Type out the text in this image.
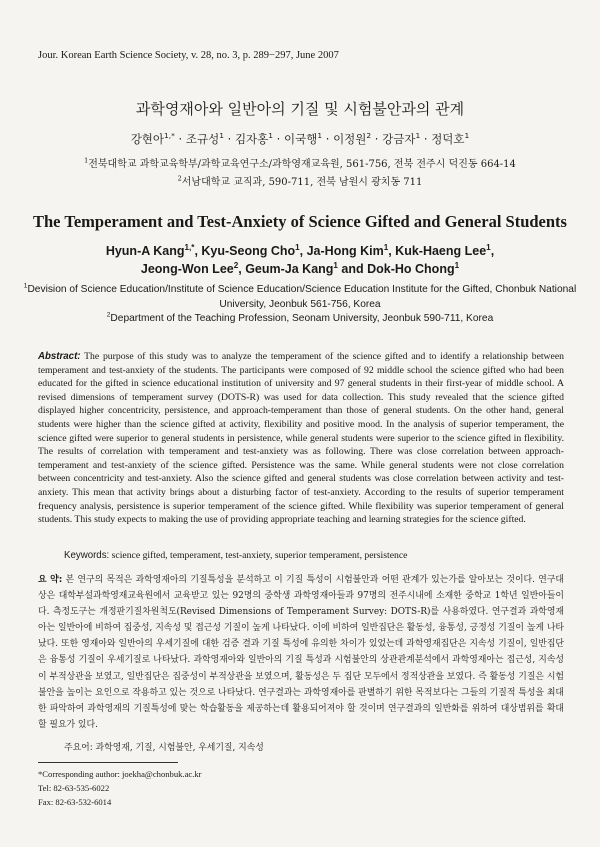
Jour. Korean Earth Science Society, v. 28, no. 3, p. 289−297, June 2007
과학영재아와 일반아의 기질 및 시험불안과의 관계
강현아$^{1,*}$ · 조규성$^1$ · 김자홍$^1$ · 이국행$^1$ · 이정원$^2$ · 강금자$^1$ · 정덕호$^1$
$^1$전북대학교 과학교육학부/과학교육연구소/과학영재교육원, 561-756, 전북 전주시 덕진동 664-14
$^2$서남대학교 교직과, 590-711, 전북 남원시 광치동 711
The Temperament and Test-Anxiety of Science Gifted and General Students
Hyun-A Kang$^{1,*}$, Kyu-Seong Cho$^1$, Ja-Hong Kim$^1$, Kuk-Haeng Lee$^1$,
Jeong-Won Lee$^2$, Geum-Ja Kang$^1$ and Dok-Ho Chong$^1$
$^1$Devision of Science Education/Institute of Science Education/Science Education Institute for the Gifted, Chonbuk National University, Jeonbuk 561-756, Korea
$^2$Department of the Teaching Profession, Seonam University, Jeonbuk 590-711, Korea
Abstract: The purpose of this study was to analyze the temperament of the science gifted and to identify a relationship between temperament and test-anxiety of the students. The participants were composed of 92 middle school the science gifted who had been educated for the gifted in science educational institution of university and 97 general students in their first-year of middle school. A revised dimensions of temperament survey (DOTS-R) was used for data collection. This study revealed that the science gifted displayed higher concentricity, persistence, and approach-temperament than those of general students. On the other hand, general students were higher than the science gifted at activity, flexibility and positive mood. In the analysis of superior temperament, the science gifted were superior to general students in persistence, while general students were superior to the science gifted in flexibility. The results of correlation with temperament and test-anxiety was as following. There was close correlation between approach-temperament and test-anxiety of the science gifted. Persistence was the same. While general students were not close correlation between concentricity and test-anxiety. Also the science gifted and general students was close correlation between activity and test-anxiety. This mean that activity brings about a disturbing factor of test-anxiety. According to the results of superior temperament frequency analysis, persistence is superior temperament of the science gifted. While flexibility was superior temperament of general students. This study expects to making the use of providing appropriate teaching and learning strategies for the science gifted.
Keywords: science gifted, temperament, test-anxiety, superior temperament, persistence
요 약: 본 연구의 목적은 과학영재아의 기질특성을 분석하고 이 기질 특성이 시험불안과 어떤 관계가 있는가를 알아보는 것이다. 연구대상은 대학부설과학영재교육원에서 교육받고 있는 92명의 중학생 과학영재아들과 97명의 전주시내에 소재한 중학교 1학년 일반아들이다. 측정도구는 개정판기질차원척도(Revised Dimensions of Temperament Survey: DOTS-R)를 사용하였다. 연구결과 과학영재아는 일반아에 비하여 집중성, 지속성 및 접근성 기질이 높게 나타났다. 이에 비하여 일반집단은 활동성, 융통성, 긍정성 기질이 높게 나타났다. 또한 영재아와 일반아의 우세기질에 대한 검증 결과 기질 특성에 유의한 차이가 있었는데 과학영재집단은 지속성 기질이, 일반집단은 융통성 기질이 우세기질로 나타났다. 과학영재아와 일반아의 기질 특성과 시험불안의 상관관계분석에서 과학영재아는 접근성, 지속성이 부적상관을 보였고, 일반집단은 집중성이 부적상관을 보였으며, 활동성은 두 집단 모두에서 정적상관을 보였다. 즉 활동성 기질은 시험불안을 높이는 요인으로 작용하고 있는 것으로 나타났다. 연구결과는 과학영재아를 판별하기 위한 목적보다는 그들의 기질적 특성을 최대한 파악하여 과학영재의 기질특성에 맞는 학습활동을 제공하는데 활용되어져야 할 것이며 연구결과의 일반화를 위하여 대상범위를 확대할 필요가 있다.
주요어: 과학영재, 기질, 시험불안, 우세기질, 지속성
*Corresponding author: joekha@chonbuk.ac.kr
Tel: 82-63-535-6022
Fax: 82-63-532-6014
